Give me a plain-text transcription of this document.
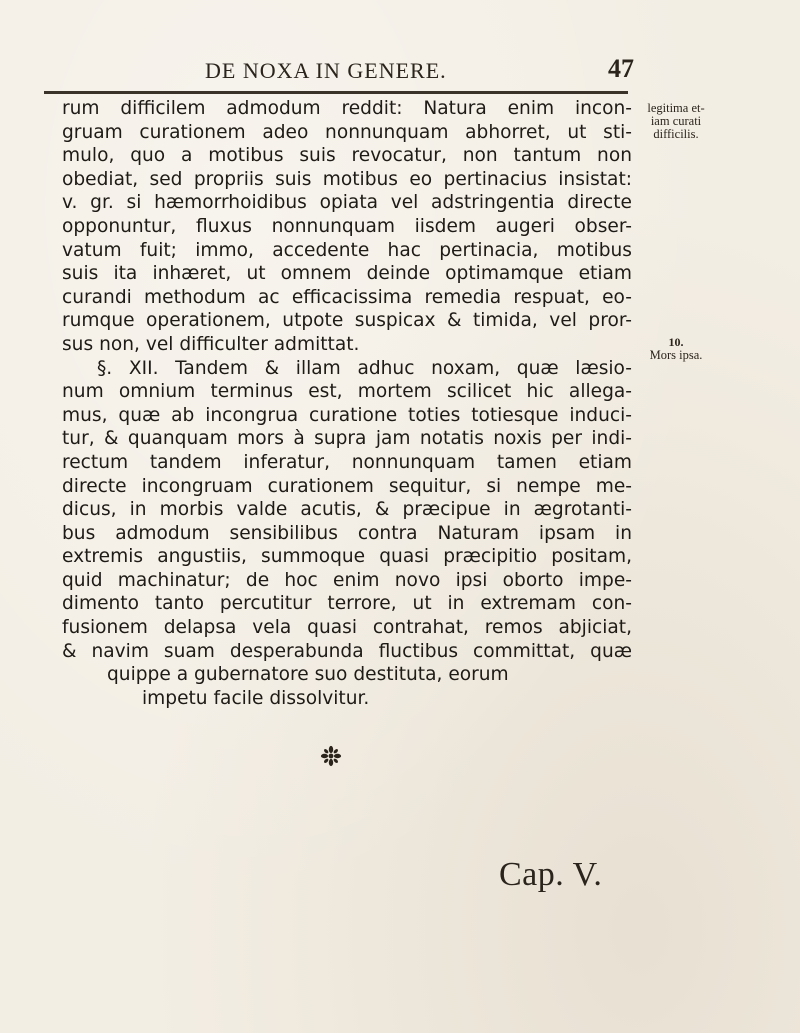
DE NOXA IN GENERE.	47
rum difficilem admodum reddit: Natura enim incon-
gruam curationem adeo nonnunquam abhorret, ut sti-
mulo, quo a motibus suis revocatur, non tantum non
obediat, sed propriis suis motibus eo pertinacius insistat:
v. gr. si hæmorrhoidibus opiata vel adstringentia directe
opponuntur, fluxus nonnunquam iisdem augeri obser-
vatum fuit; immo, accedente hac pertinacia, motibus
suis ita inhæret, ut omnem deinde optimamque etiam
curandi methodum ac efficacissima remedia respuat, eo-
rumque operationem, utpote suspicax & timida, vel pror-
sus non, vel difficulter admittat.
§. XII. Tandem & illam adhuc noxam, quæ læsio-
num omnium terminus est, mortem scilicet hic allega-
mus, quæ ab incongrua curatione toties totiesque induci-
tur, & quanquam mors à supra jam notatis noxis per indi-
rectum tandem inferatur, nonnunquam tamen etiam
directe incongruam curationem sequitur, si nempe me-
dicus, in morbis valde acutis, & præcipue in ægrotanti-
bus admodum sensibilibus contra Naturam ipsam in
extremis angustiis, summoque quasi præcipitio positam,
quid machinatur; de hoc enim novo ipsi oborto impe-
dimento tanto percutitur terrore, ut in extremam con-
fusionem delapsa vela quasi contrahat, remos abjiciat,
& navim suam desperabunda fluctibus committat, quæ
quippe a gubernatore suo destituta, eorum
impetu facile dissolvitur.
legitima et-
iam curati
difficilis.
10.
Mors ipsa.
Cap. V.
